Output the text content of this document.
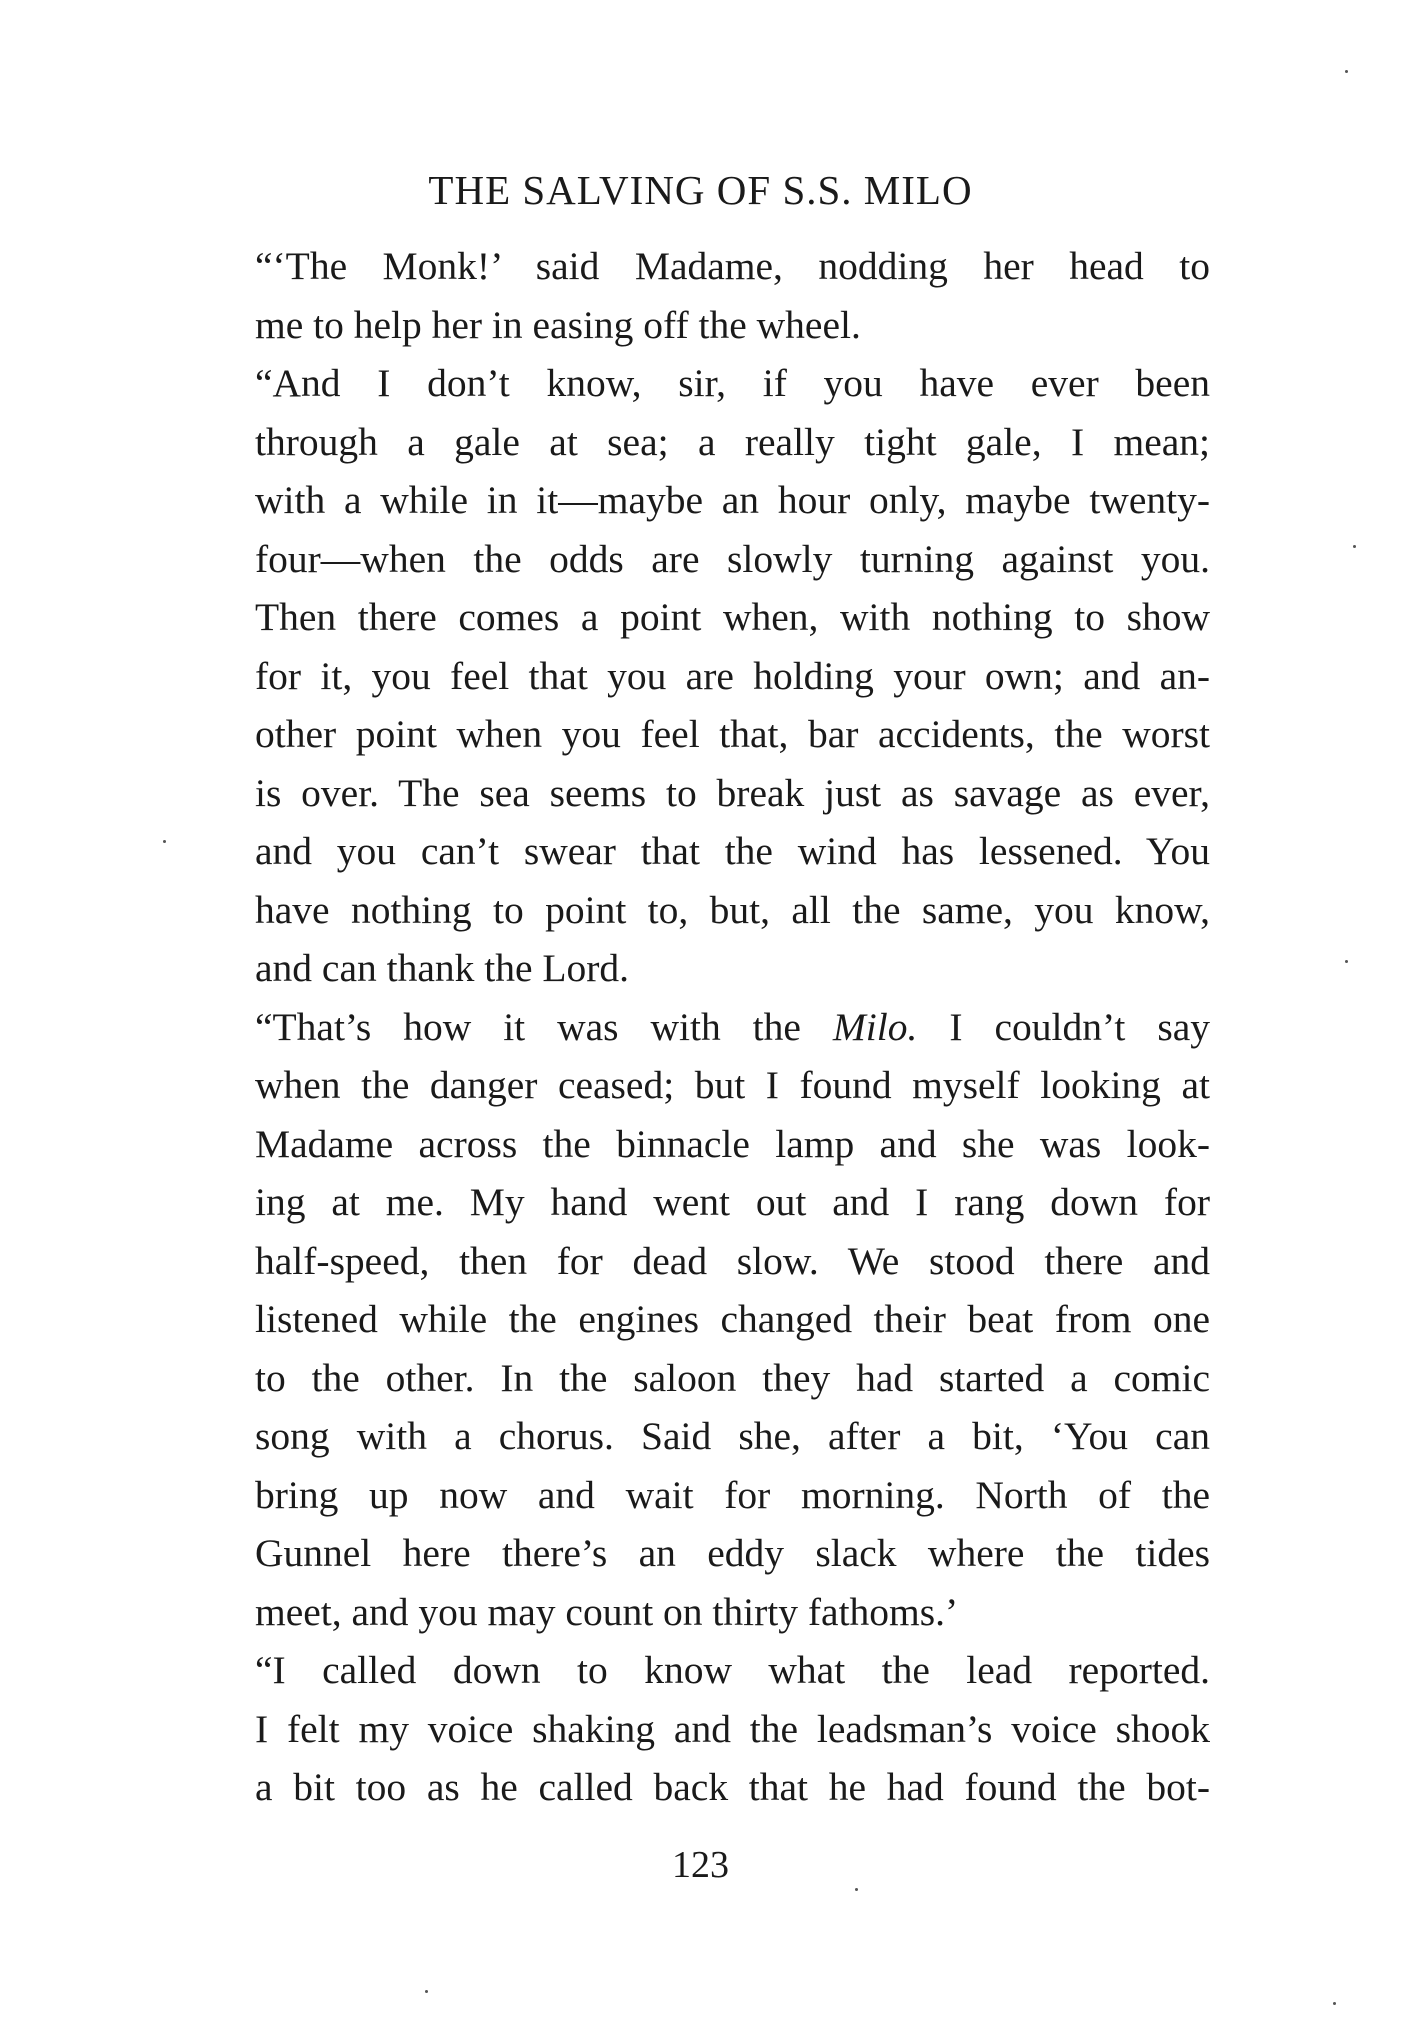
THE SALVING OF S.S. MILO

“‘The Monk!’ said Madame, nodding her head to
me to help her in easing off the wheel.

“And I don’t know, sir, if you have ever been
through a gale at sea; a really tight gale, I mean;
with a while in it—maybe an hour only, maybe twenty-
four—when the odds are slowly turning against you.
Then there comes a point when, with nothing to show
for it, you feel that you are holding your own; and an-
other point when you feel that, bar accidents, the worst
is over. The sea seems to break just as savage as ever,
and you can’t swear that the wind has lessened. You
have nothing to point to, but, all the same, you know,
and can thank the Lord.

“That’s how it was with the Milo. I couldn’t say
when the danger ceased; but I found myself looking at
Madame across the binnacle lamp and she was look-
ing at me. My hand went out and I rang down for
half-speed, then for dead slow. We stood there and
listened while the engines changed their beat from one
to the other. In the saloon they had started a comic
song with a chorus. Said she, after a bit, ‘You can
bring up now and wait for morning. North of the
Gunnel here there’s an eddy slack where the tides
meet, and you may count on thirty fathoms.’

“I called down to know what the lead reported.
I felt my voice shaking and the leadsman’s voice shook
a bit too as he called back that he had found the bot-

123
